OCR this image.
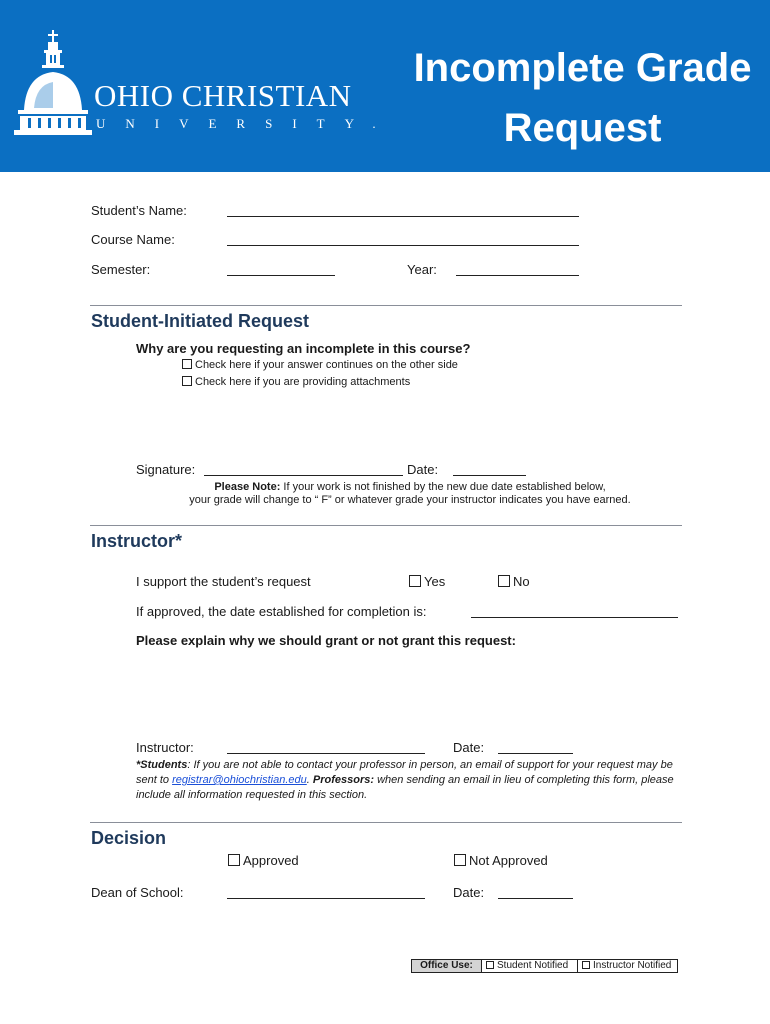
OHIO CHRISTIAN
UNIVERSITY.
Incomplete Grade
Request
Student’s Name:
Course Name:
Semester:	Year:
Student-Initiated Request
Why are you requesting an incomplete in this course?
Check here if your answer continues on the other side
Check here if you are providing attachments
Signature:	Date:
Please Note: If your work is not finished by the new due date established below,
your grade will change to “ F” or whatever grade your instructor indicates you have earned.
Instructor*
I support the student’s request	Yes	No
If approved, the date established for completion is:
Please explain why we should grant or not grant this request:
Instructor:	Date:
*Students: If you are not able to contact your professor in person, an email of support for your request may be sent to registrar@ohiochristian.edu. Professors: when sending an email in lieu of completing this form, please include all information requested in this section.
Decision
Approved	Not Approved
Dean of School:	Date:
Office Use:	Student Notified	Instructor Notified
